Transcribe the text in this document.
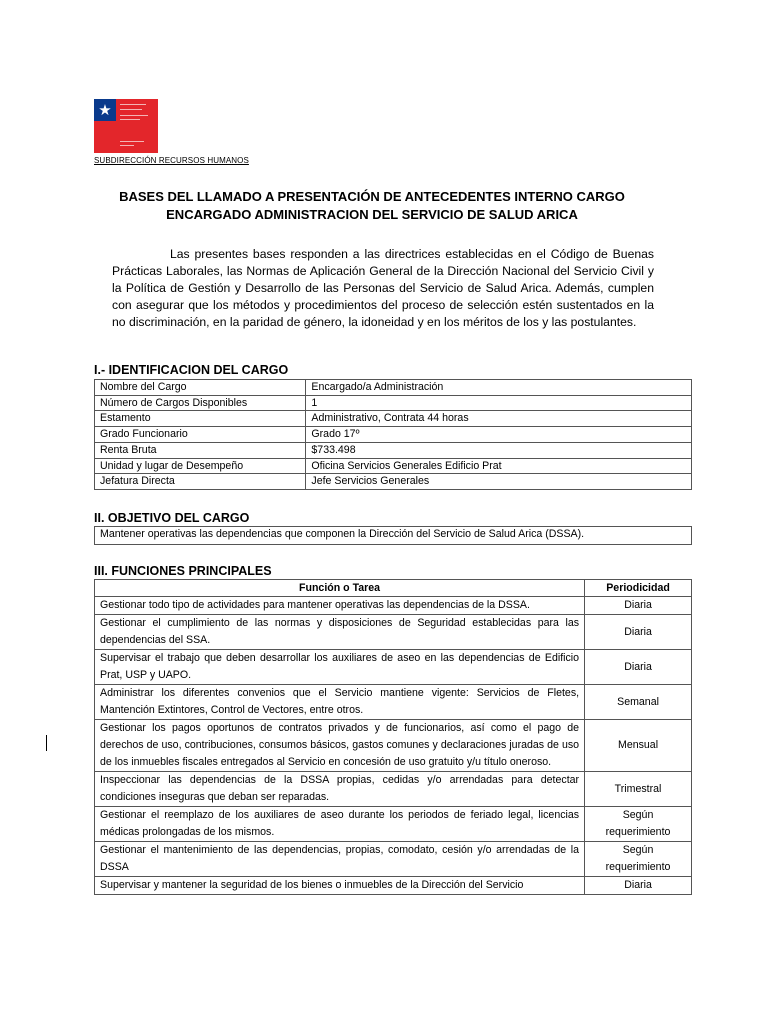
★
SUBDIRECCIÓN RECURSOS HUMANOS
BASES DEL LLAMADO A PRESENTACIÓN DE ANTECEDENTES INTERNO CARGO
ENCARGADO ADMINISTRACION DEL SERVICIO DE SALUD ARICA

Las presentes bases responden a las directrices establecidas en el Código de Buenas Prácticas Laborales, las Normas de Aplicación General de la Dirección Nacional del Servicio Civil y la Política de Gestión y Desarrollo de las Personas del Servicio de Salud Arica. Además, cumplen con asegurar que los métodos y procedimientos del proceso de selección estén sustentados en la no discriminación, en la paridad de género, la idoneidad y en los méritos de los y las postulantes.

I.- IDENTIFICACION DEL CARGO
Nombre del Cargo	Encargado/a Administración
Número de Cargos Disponibles	1
Estamento	Administrativo, Contrata 44 horas
Grado Funcionario	Grado 17º
Renta Bruta	$733.498
Unidad y lugar de Desempeño	Oficina Servicios Generales Edificio Prat
Jefatura Directa	Jefe Servicios Generales
II. OBJETIVO DEL CARGO
Mantener operativas las dependencias que componen la Dirección del Servicio de Salud Arica (DSSA).
III. FUNCIONES PRINCIPALES
Función o Tarea	Periodicidad
Gestionar todo tipo de actividades para mantener operativas las dependencias de la DSSA.	Diaria
Gestionar el cumplimiento de las normas y disposiciones de Seguridad establecidas para las dependencias del SSA.	Diaria
Supervisar el trabajo que deben desarrollar los auxiliares de aseo en las dependencias de Edificio Prat, USP y UAPO.	Diaria
Administrar los diferentes convenios que el Servicio mantiene vigente: Servicios de Fletes, Mantención Extintores, Control de Vectores, entre otros.	Semanal
Gestionar los pagos oportunos de contratos privados y de funcionarios, así como el pago de derechos de uso, contribuciones, consumos básicos, gastos comunes y declaraciones juradas de uso de los inmuebles fiscales entregados al Servicio en concesión de uso gratuito y/u título oneroso.	Mensual
Inspeccionar las dependencias de la DSSA propias, cedidas y/o arrendadas para detectar condiciones inseguras que deban ser reparadas.	Trimestral
Gestionar el reemplazo de los auxiliares de aseo durante los periodos de feriado legal, licencias médicas prolongadas de los mismos.	Según requerimiento
Gestionar el mantenimiento de las dependencias, propias, comodato, cesión y/o arrendadas de la DSSA	Según requerimiento
Supervisar y mantener la seguridad de los bienes o inmuebles de la Dirección del Servicio	Diaria
